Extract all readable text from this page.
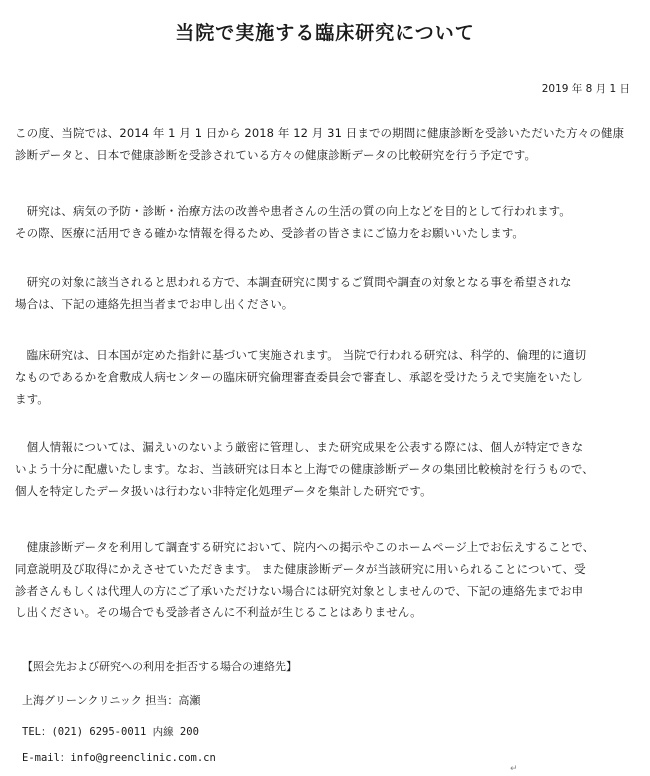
当院で実施する臨床研究について
2019 年 8 月 1 日

この度、当院では、2014 年 1 月 1 日から 2018 年 12 月 31 日までの期間に健康診断を受診いただいた方々の健康
診断データと、日本で健康診断を受診されている方々の健康診断データの比較研究を行う予定です。

　研究は、病気の予防・診断・治療方法の改善や患者さんの生活の質の向上などを目的として行われます。
その際、医療に活用できる確かな情報を得るため、受診者の皆さまにご協力をお願いいたします。

　研究の対象に該当されると思われる方で、本調査研究に関するご質問や調査の対象となる事を希望されな
場合は、下記の連絡先担当者までお申し出ください。

　臨床研究は、日本国が定めた指針に基づいて実施されます。 当院で行われる研究は、科学的、倫理的に適切
なものであるかを倉敷成人病センターの臨床研究倫理審査委員会で審査し、承認を受けたうえで実施をいたし
ます。

　個人情報については、漏えいのないよう厳密に管理し、また研究成果を公表する際には、個人が特定できな
いよう十分に配慮いたします。なお、当該研究は日本と上海での健康診断データの集団比較検討を行うもので、
個人を特定したデータ扱いは行わない非特定化処理データを集計した研究です。

　健康診断データを利用して調査する研究において、院内への掲示やこのホームページ上でお伝えすることで、
同意説明及び取得にかえさせていただきます。 また健康診断データが当該研究に用いられることについて、受
診者さんもしくは代理人の方にご了承いただけない場合には研究対象としませんので、下記の連絡先までお申
し出ください。その場合でも受診者さんに不利益が生じることはありません。

【照会先および研究への利用を拒否する場合の連絡先】
上海グリーンクリニック 担当：高瀬
TEL：(021) 6295-0011 内線 200
E-mail：info@greenclinic.com.cn
↵
